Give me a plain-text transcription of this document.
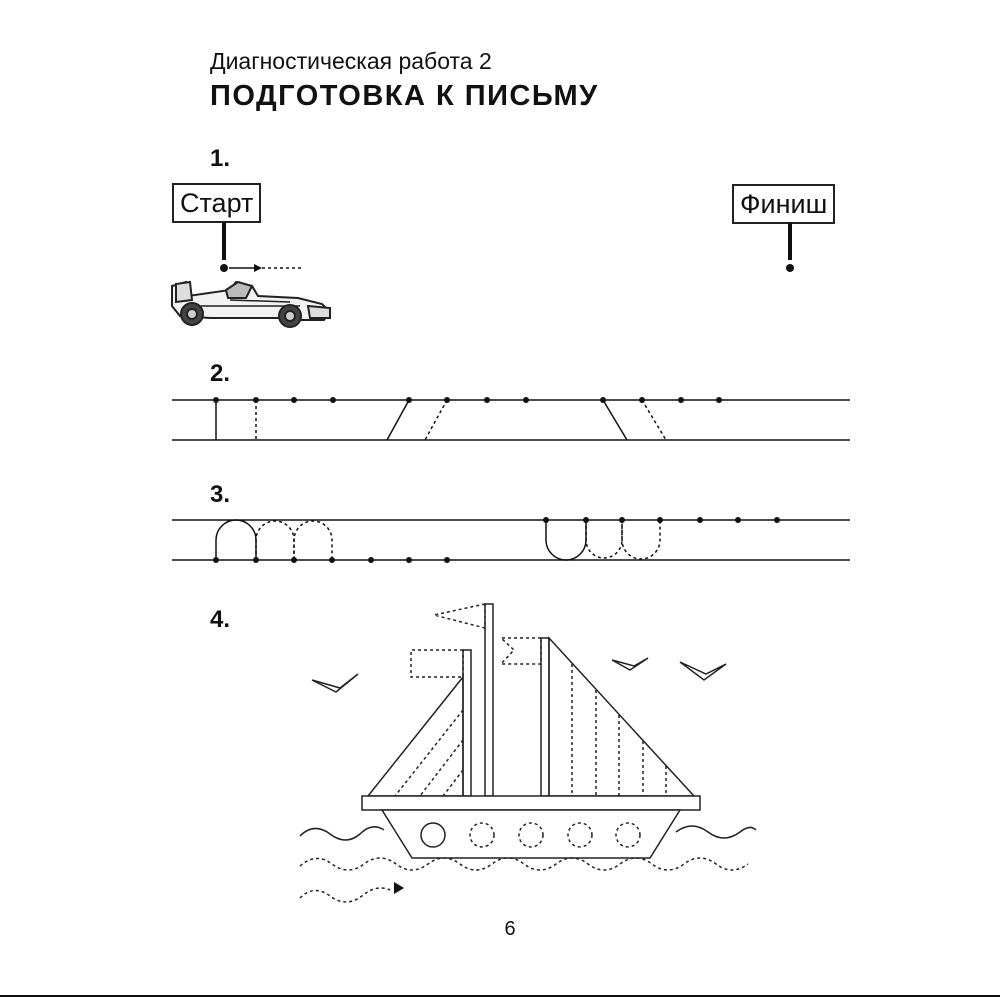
Диагностическая работа 2
ПОДГОТОВКА К ПИСЬМУ
1.
2.
3.
4.
Старт	Финиш
6
